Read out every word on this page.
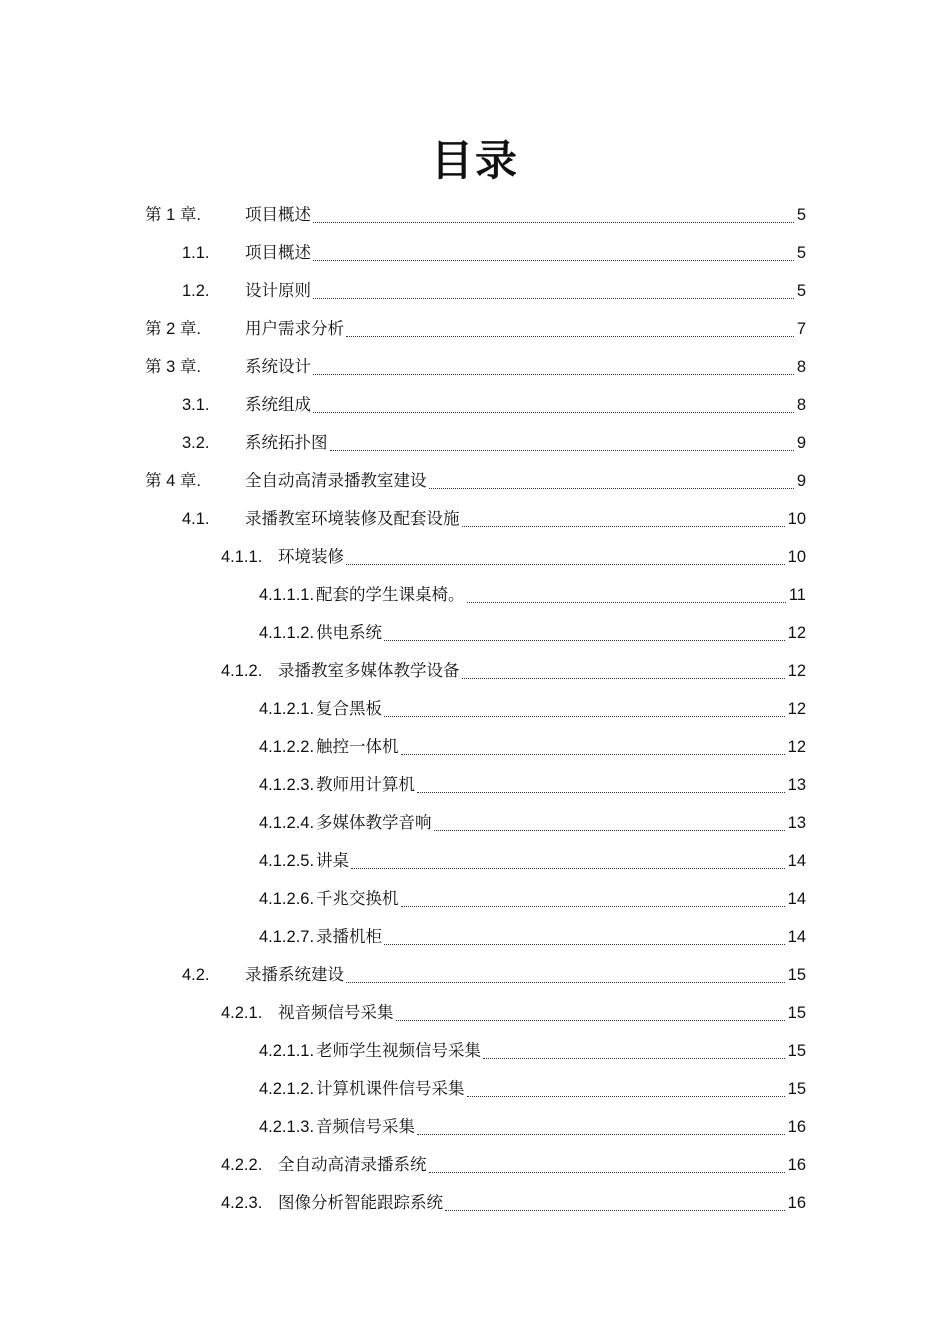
目录
第 1 章.	项目概述	5
1.1.	项目概述	5
1.2.	设计原则	5
第 2 章.	用户需求分析	7
第 3 章.	系统设计	8
3.1.	系统组成	8
3.2.	系统拓扑图	9
第 4 章.	全自动高清录播教室建设	9
4.1.	录播教室环境装修及配套设施	10
4.1.1. 环境装修	10
4.1.1.1. 配套的学生课桌椅。	11
4.1.1.2. 供电系统	12
4.1.2. 录播教室多媒体教学设备	12
4.1.2.1. 复合黑板	12
4.1.2.2. 触控一体机	12
4.1.2.3. 教师用计算机	13
4.1.2.4. 多媒体教学音响	13
4.1.2.5. 讲桌	14
4.1.2.6. 千兆交换机	14
4.1.2.7. 录播机柜	14
4.2.	录播系统建设	15
4.2.1. 视音频信号采集	15
4.2.1.1. 老师学生视频信号采集	15
4.2.1.2. 计算机课件信号采集	15
4.2.1.3. 音频信号采集	16
4.2.2. 全自动高清录播系统	16
4.2.3. 图像分析智能跟踪系统	16
